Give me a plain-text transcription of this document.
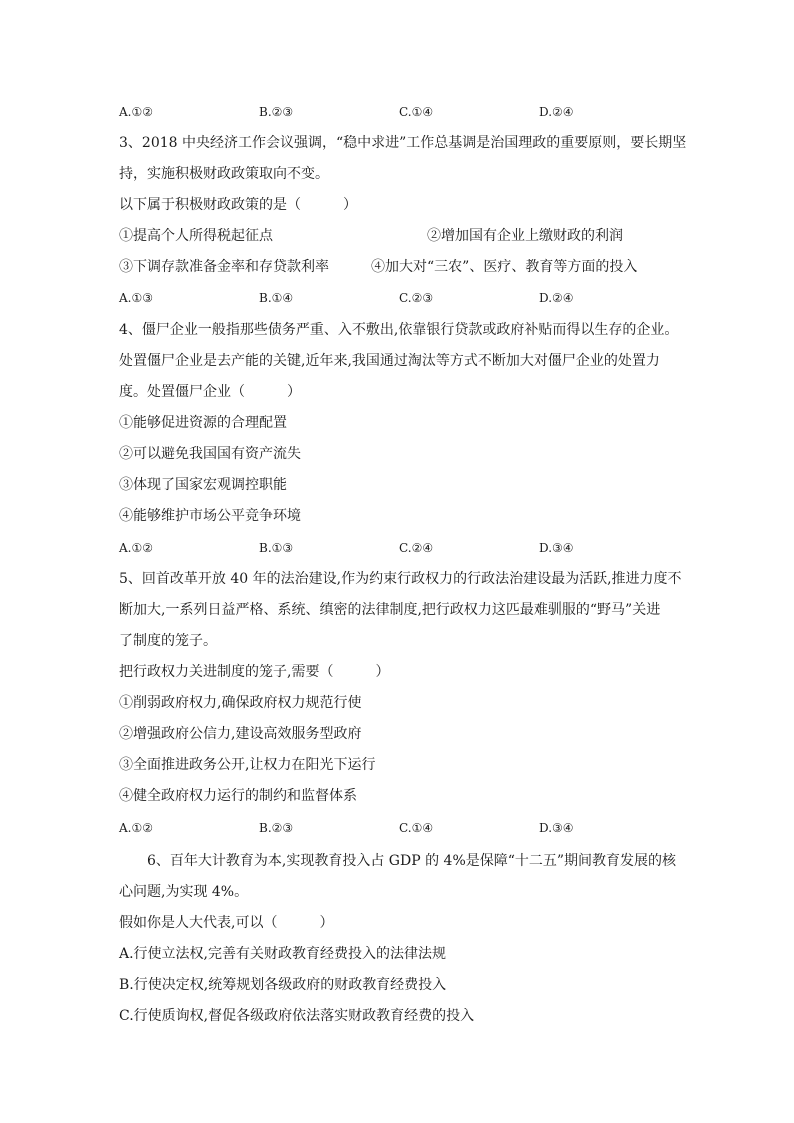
A.①②	B.②③	C.①④	D.②④
3、2018 中央经济工作会议强调，“稳中求进”工作总基调是治国理政的重要原则，要长期坚
持，实施积极财政政策取向不变。
以下属于积极财政政策的是（　　　）
①提高个人所得税起征点	②增加国有企业上缴财政的利润
③下调存款准备金率和存贷款利率	④加大对“三农”、医疗、教育等方面的投入
A.①③	B.①④	C.②③	D.②④
4、僵尸企业一般指那些债务严重、入不敷出,依靠银行贷款或政府补贴而得以生存的企业。
处置僵尸企业是去产能的关键,近年来,我国通过淘汰等方式不断加大对僵尸企业的处置力
度。处置僵尸企业（　　　）
①能够促进资源的合理配置
②可以避免我国国有资产流失
③体现了国家宏观调控职能
④能够维护市场公平竞争环境
A.①②	B.①③	C.②④	D.③④
5、回首改革开放 40 年的法治建设,作为约束行政权力的行政法治建设最为活跃,推进力度不
断加大,一系列日益严格、系统、缜密的法律制度,把行政权力这匹最难驯服的“野马”关进
了制度的笼子。
把行政权力关进制度的笼子,需要（　　　）
①削弱政府权力,确保政府权力规范行使
②增强政府公信力,建设高效服务型政府
③全面推进政务公开,让权力在阳光下运行
④健全政府权力运行的制约和监督体系
A.①②	B.②③	C.①④	D.③④
6、百年大计教育为本,实现教育投入占 GDP 的 4%是保障“十二五”期间教育发展的核
心问题,为实现 4%。
假如你是人大代表,可以（　　　）
A.行使立法权,完善有关财政教育经费投入的法律法规
B.行使决定权,统筹规划各级政府的财政教育经费投入
C.行使质询权,督促各级政府依法落实财政教育经费的投入
